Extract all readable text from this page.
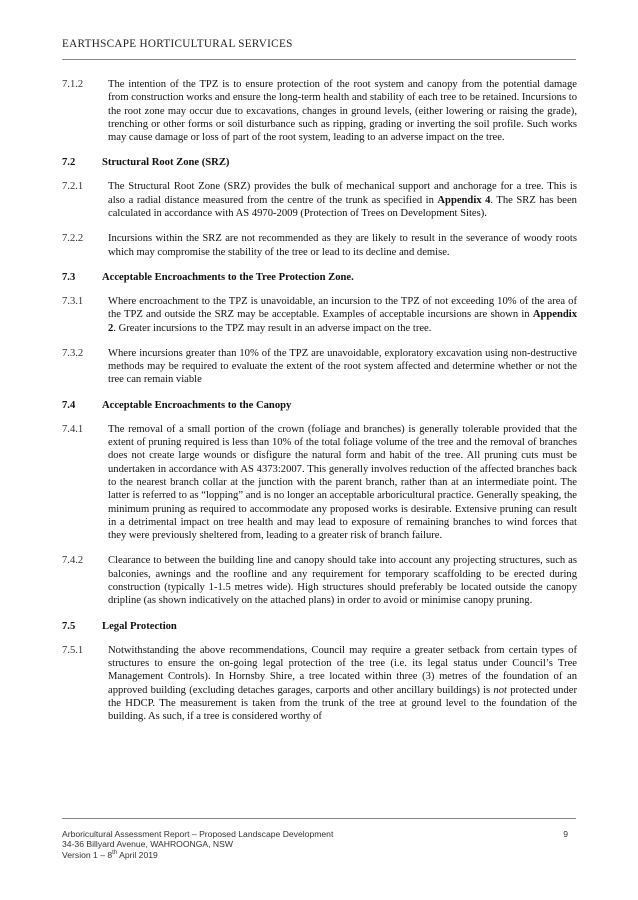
EARTHSCAPE HORTICULTURAL SERVICES
7.1.2	The intention of the TPZ is to ensure protection of the root system and canopy from the potential damage from construction works and ensure the long-term health and stability of each tree to be retained. Incursions to the root zone may occur due to excavations, changes in ground levels, (either lowering or raising the grade), trenching or other forms or soil disturbance such as ripping, grading or inverting the soil profile. Such works may cause damage or loss of part of the root system, leading to an adverse impact on the tree.
7.2	Structural Root Zone (SRZ)
7.2.1	The Structural Root Zone (SRZ) provides the bulk of mechanical support and anchorage for a tree. This is also a radial distance measured from the centre of the trunk as specified in Appendix 4. The SRZ has been calculated in accordance with AS 4970-2009 (Protection of Trees on Development Sites).
7.2.2	Incursions within the SRZ are not recommended as they are likely to result in the severance of woody roots which may compromise the stability of the tree or lead to its decline and demise.
7.3	Acceptable Encroachments to the Tree Protection Zone.
7.3.1	Where encroachment to the TPZ is unavoidable, an incursion to the TPZ of not exceeding 10% of the area of the TPZ and outside the SRZ may be acceptable. Examples of acceptable incursions are shown in Appendix 2. Greater incursions to the TPZ may result in an adverse impact on the tree.
7.3.2	Where incursions greater than 10% of the TPZ are unavoidable, exploratory excavation using non-destructive methods may be required to evaluate the extent of the root system affected and determine whether or not the tree can remain viable
7.4	Acceptable Encroachments to the Canopy
7.4.1	The removal of a small portion of the crown (foliage and branches) is generally tolerable provided that the extent of pruning required is less than 10% of the total foliage volume of the tree and the removal of branches does not create large wounds or disfigure the natural form and habit of the tree. All pruning cuts must be undertaken in accordance with AS 4373:2007. This generally involves reduction of the affected branches back to the nearest branch collar at the junction with the parent branch, rather than at an intermediate point. The latter is referred to as “lopping” and is no longer an acceptable arboricultural practice. Generally speaking, the minimum pruning as required to accommodate any proposed works is desirable. Extensive pruning can result in a detrimental impact on tree health and may lead to exposure of remaining branches to wind forces that they were previously sheltered from, leading to a greater risk of branch failure.
7.4.2	Clearance to between the building line and canopy should take into account any projecting structures, such as balconies, awnings and the roofline and any requirement for temporary scaffolding to be erected during construction (typically 1-1.5 metres wide). High structures should preferably be located outside the canopy dripline (as shown indicatively on the attached plans) in order to avoid or minimise canopy pruning.
7.5	Legal Protection
7.5.1	Notwithstanding the above recommendations, Council may require a greater setback from certain types of structures to ensure the on-going legal protection of the tree (i.e. its legal status under Council’s Tree Management Controls). In Hornsby Shire, a tree located within three (3) metres of the foundation of an approved building (excluding detaches garages, carports and other ancillary buildings) is not protected under the HDCP. The measurement is taken from the trunk of the tree at ground level to the foundation of the building. As such, if a tree is considered worthy of
Arboricultural Assessment Report – Proposed Landscape Development	9
34-36 Billyard Avenue, WAHROONGA, NSW
Version 1 – 8th April 2019
